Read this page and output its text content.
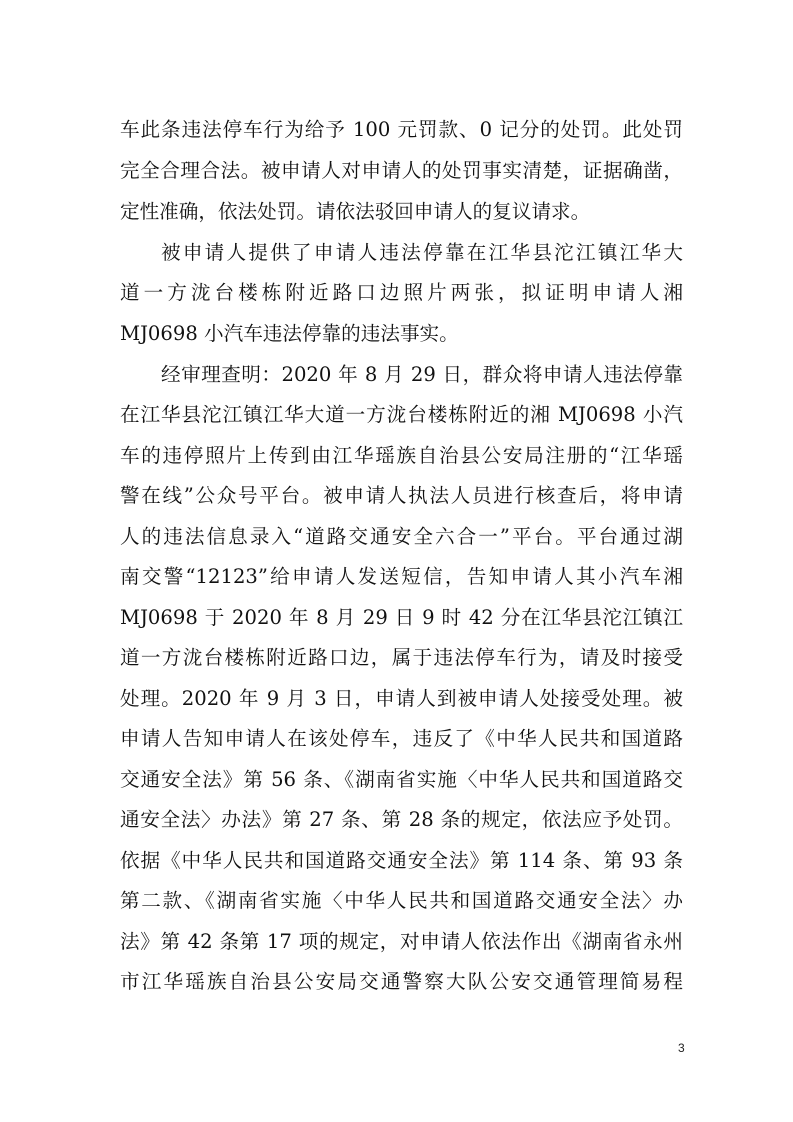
车此条违法停车行为给予 100 元罚款、0 记分的处罚。此处罚
完全合理合法。被申请人对申请人的处罚事实清楚，证据确凿，
定性准确，依法处罚。请依法驳回申请人的复议请求。
被申请人提供了申请人违法停靠在江华县沱江镇江华大
道一方泷台楼栋附近路口边照片两张，拟证明申请人湘
MJ0698 小汽车违法停靠的违法事实。
经审理查明：2020 年 8 月 29 日，群众将申请人违法停靠
在江华县沱江镇江华大道一方泷台楼栋附近的湘 MJ0698 小汽
车的违停照片上传到由江华瑶族自治县公安局注册的“江华瑶
警在线”公众号平台。被申请人执法人员进行核查后，将申请
人的违法信息录入“道路交通安全六合一”平台。平台通过湖
南交警“12123”给申请人发送短信，告知申请人其小汽车湘
MJ0698 于 2020 年 8 月 29 日 9 时 42 分在江华县沱江镇江
道一方泷台楼栋附近路口边，属于违法停车行为，请及时接受
处理。2020 年 9 月 3 日，申请人到被申请人处接受处理。被
申请人告知申请人在该处停车，违反了《中华人民共和国道路
交通安全法》第 56 条、《湖南省实施〈中华人民共和国道路交
通安全法〉办法》第 27 条、第 28 条的规定，依法应予处罚。
依据《中华人民共和国道路交通安全法》第 114 条、第 93 条
第二款、《湖南省实施〈中华人民共和国道路交通安全法〉办
法》第 42 条第 17 项的规定，对申请人依法作出《湖南省永州
市江华瑶族自治县公安局交通警察大队公安交通管理简易程
3
